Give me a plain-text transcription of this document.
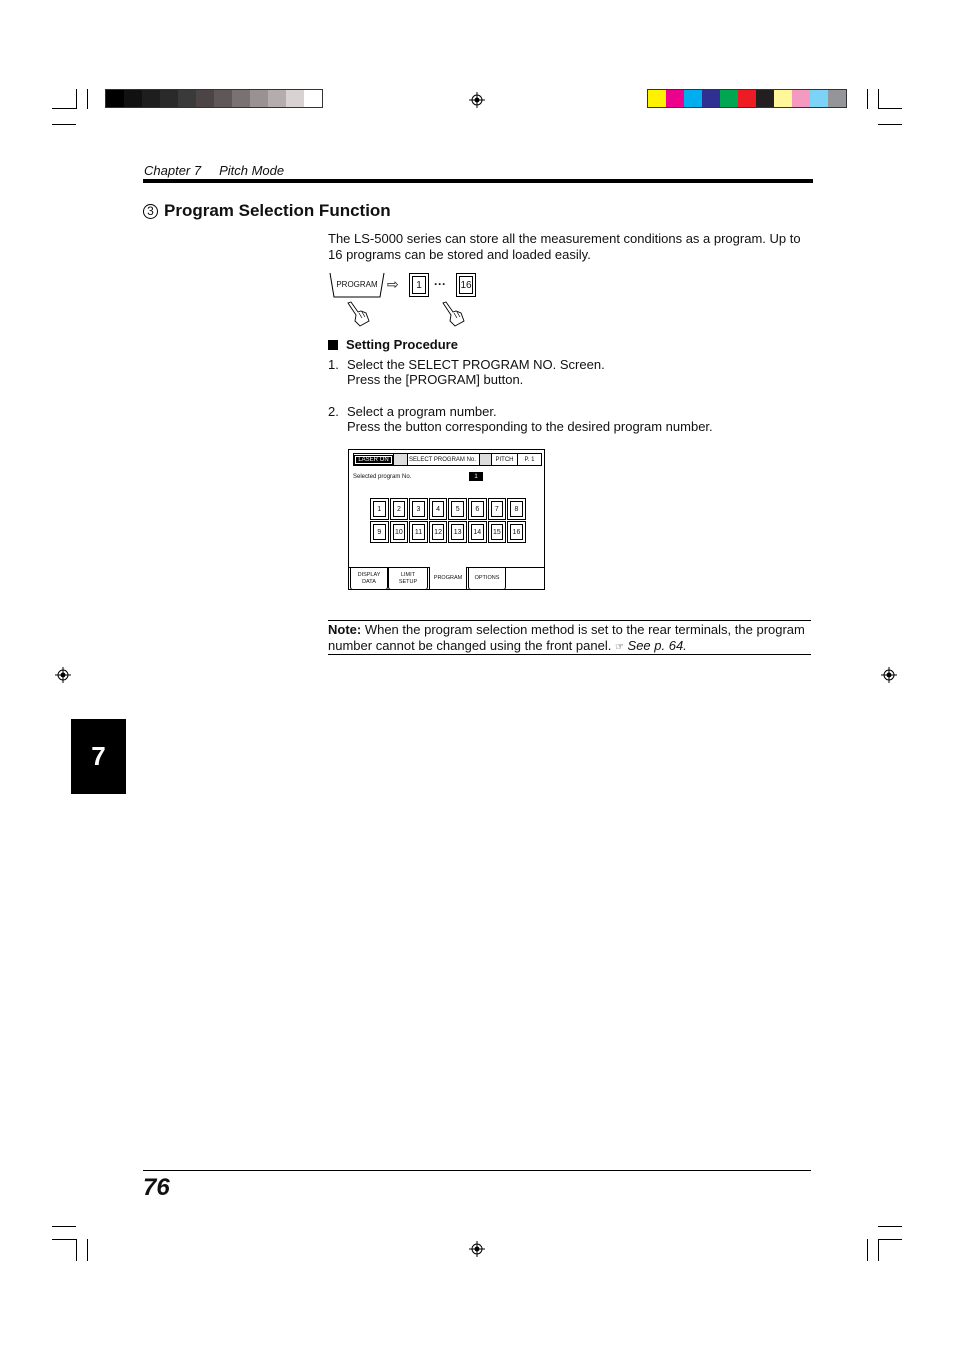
Chapter 7 Pitch Mode
3 Program Selection Function
The LS-5000 series can store all the measurement conditions as a program. Up to
16 programs can be stored and loaded easily.
PROGRAM ⇨	1	··· 16
Setting Procedure
1. Select the SELECT PROGRAM NO. Screen.
Press the [PROGRAM] button.
2. Select a program number.
Press the button corresponding to the desired program number.
LASER ON	SELECT PROGRAM No.	PITCH	P. 1
Selected program No.	1
1	2	3	4	5	6	7	8
9	10	11	12	13	14	15	16
DISPLAY
DATA
LIMIT
SETUP
PROGRAM OPTIONS
Note: When the program selection method is set to the rear terminals, the program
number cannot be changed using the front panel. ☞ See p. 64.
7
76
